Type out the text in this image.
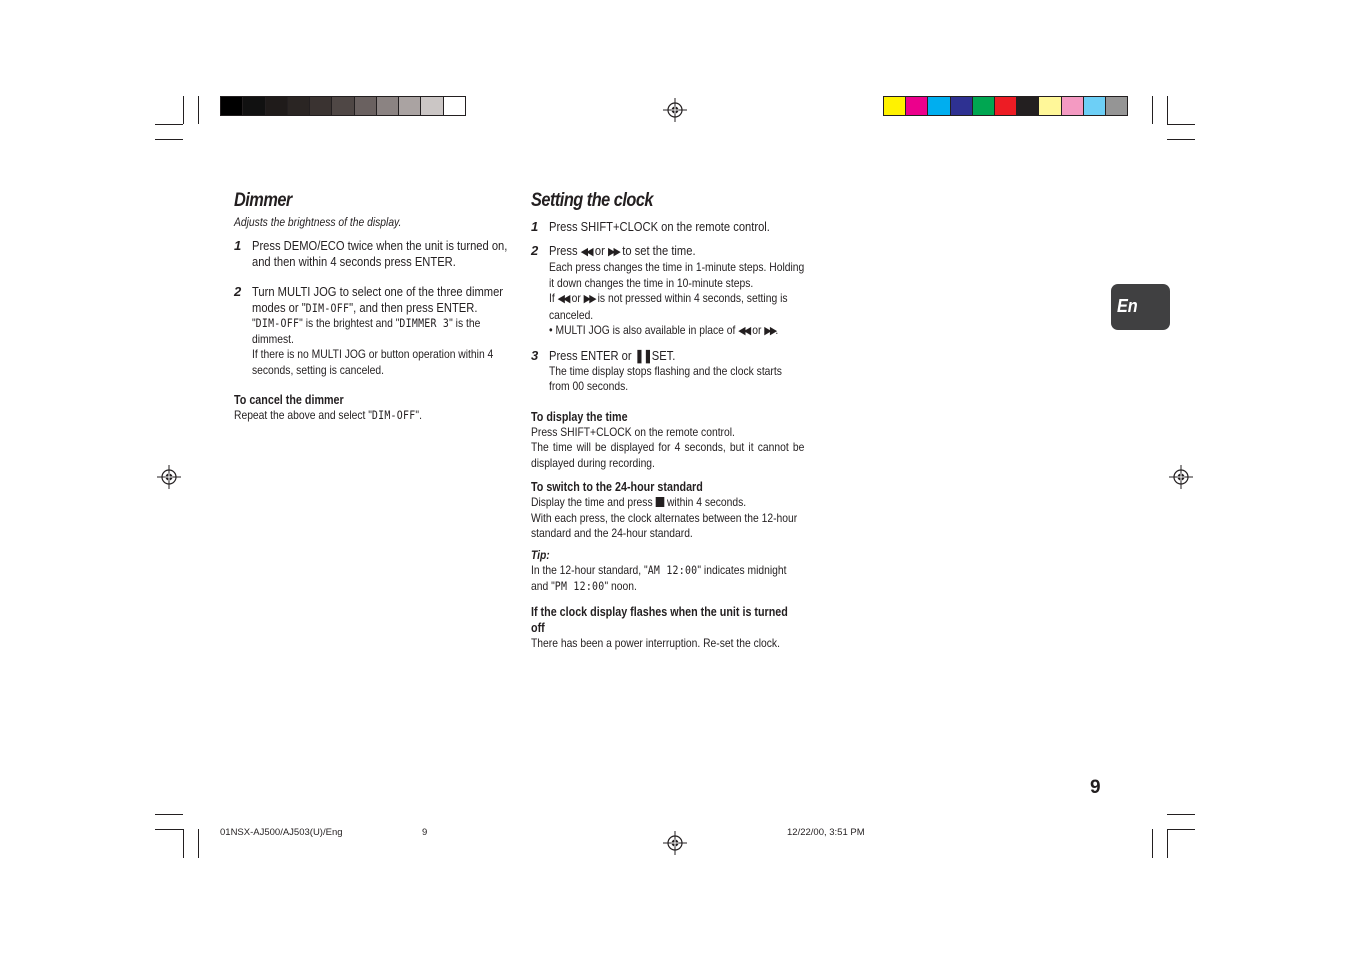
Dimmer
Adjusts the brightness of the display.
1 Press DEMO/ECO twice when the unit is turned on, and then within 4 seconds press ENTER.
2 Turn MULTI JOG to select one of the three dimmer modes or "DIM-OFF", and then press ENTER.
"DIM-OFF" is the brightest and "DIMMER 3" is the dimmest.
If there is no MULTI JOG or button operation within 4 seconds, setting is canceled.
To cancel the dimmer
Repeat the above and select "DIM-OFF".
Setting the clock
1 Press SHIFT+CLOCK on the remote control.
2 Press ◀◀ or ▶▶ to set the time.
Each press changes the time in 1-minute steps. Holding it down changes the time in 10-minute steps.
If ◀◀ or ▶▶ is not pressed within 4 seconds, setting is canceled.
• MULTI JOG is also available in place of ◀◀ or ▶▶.
3 Press ENTER or ❚❚SET.
The time display stops flashing and the clock starts from 00 seconds.
To display the time
Press SHIFT+CLOCK on the remote control.
The time will be displayed for 4 seconds, but it cannot be displayed during recording.
To switch to the 24-hour standard
Display the time and press within 4 seconds.
With each press, the clock alternates between the 12-hour standard and the 24-hour standard.
Tip:
In the 12-hour standard, "AM 12:00" indicates midnight and "PM 12:00" noon.
If the clock display flashes when the unit is turned off
There has been a power interruption. Re-set the clock.
En
9
01NSX-AJ500/AJ503(U)/Eng	9	12/22/00, 3:51 PM
